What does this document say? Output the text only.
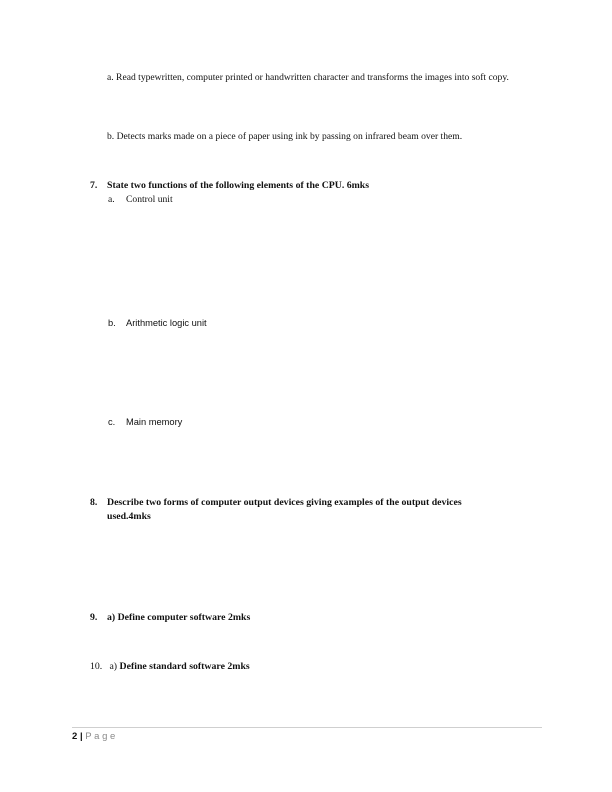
a. Read typewritten, computer printed or handwritten character and transforms the images into soft copy.
b. Detects marks made on a piece of paper using ink by passing on infrared beam over them.
7. State two functions of the following elements of the CPU. 6mks
a. Control unit
b. Arithmetic logic unit
c. Main memory
8. Describe two forms of computer output devices giving examples of the output devices
used.4mks
9. a) Define computer software 2mks
10. a) Define standard software 2mks
2 | Page
